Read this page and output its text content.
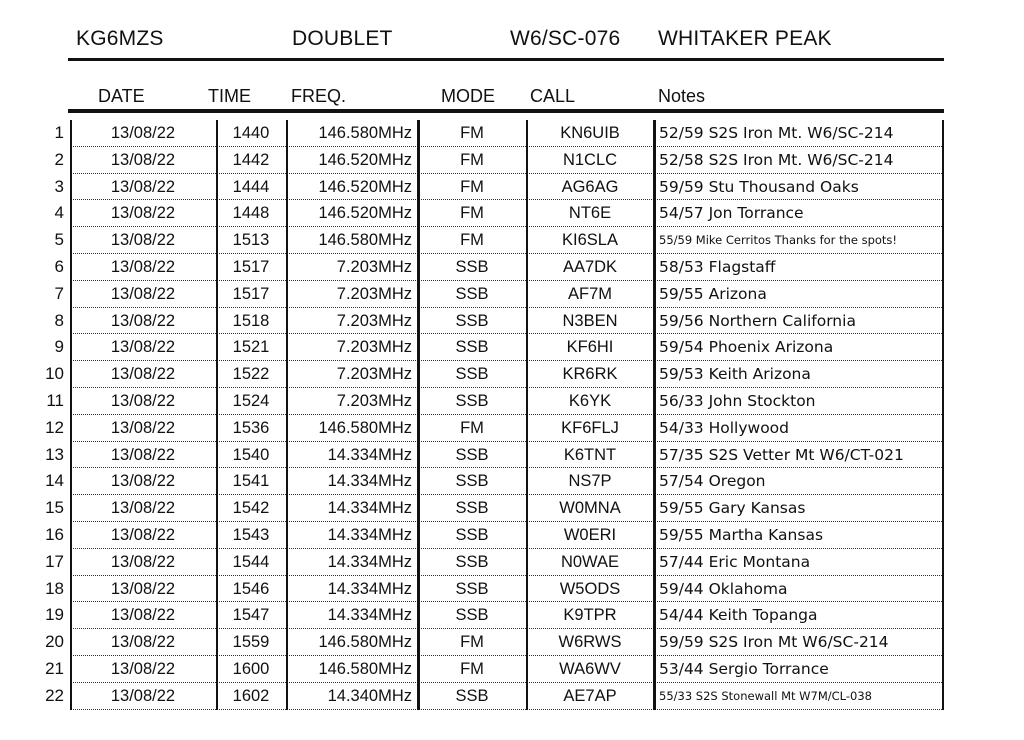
KG6MZS	DOUBLET	W6/SC-076 WHITAKER PEAK
DATE	TIME FREQ.	MODE CALL	Notes
1	13/08/22	1440	146.580MHz	FM	KN6UIB	52/59 S2S Iron Mt. W6/SC-214
2	13/08/22	1442	146.520MHz	FM	N1CLC	52/58 S2S Iron Mt. W6/SC-214
3	13/08/22	1444	146.520MHz	FM	AG6AG	59/59 Stu Thousand Oaks
4	13/08/22	1448	146.520MHz	FM	NT6E	54/57 Jon Torrance
5	13/08/22	1513	146.580MHz	FM	KI6SLA	55/59 Mike Cerritos Thanks for the spots!
6	13/08/22	1517	7.203MHz	SSB	AA7DK	58/53 Flagstaff
7	13/08/22	1517	7.203MHz	SSB	AF7M	59/55 Arizona
8	13/08/22	1518	7.203MHz	SSB	N3BEN	59/56 Northern California
9	13/08/22	1521	7.203MHz	SSB	KF6HI	59/54 Phoenix Arizona
10	13/08/22	1522	7.203MHz	SSB	KR6RK	59/53 Keith Arizona
11	13/08/22	1524	7.203MHz	SSB	K6YK	56/33 John Stockton
12	13/08/22	1536	146.580MHz	FM	KF6FLJ	54/33 Hollywood
13	13/08/22	1540	14.334MHz	SSB	K6TNT	57/35 S2S Vetter Mt W6/CT-021
14	13/08/22	1541	14.334MHz	SSB	NS7P	57/54 Oregon
15	13/08/22	1542	14.334MHz	SSB	W0MNA	59/55 Gary Kansas
16	13/08/22	1543	14.334MHz	SSB	W0ERI	59/55 Martha Kansas
17	13/08/22	1544	14.334MHz	SSB	N0WAE	57/44 Eric Montana
18	13/08/22	1546	14.334MHz	SSB	W5ODS	59/44 Oklahoma
19	13/08/22	1547	14.334MHz	SSB	K9TPR	54/44 Keith Topanga
20	13/08/22	1559	146.580MHz	FM	W6RWS	59/59 S2S Iron Mt W6/SC-214
21	13/08/22	1600	146.580MHz	FM	WA6WV	53/44 Sergio Torrance
22	13/08/22	1602	14.340MHz	SSB	AE7AP	55/33 S2S Stonewall Mt W7M/CL-038
